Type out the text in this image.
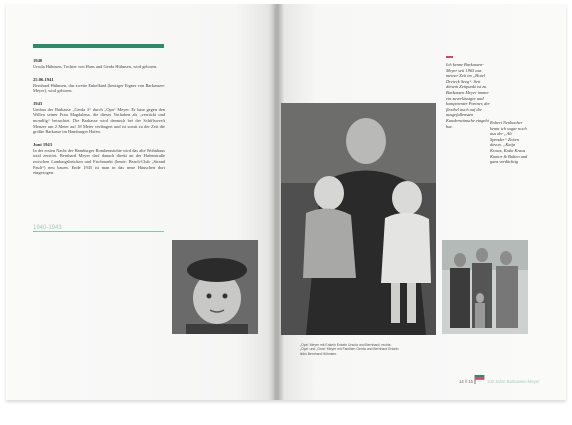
1940
Ursula Hühnsen, Tochter von Hans und Gerda Hühnsen, wird geboren.
25.06.1941
Bernhard Hühnsen, das zweite Enkelkind (heutiger Eigner von Barkassen-Meyer), wird geboren.
1943
Umbau der Barkasse „Gerda 3“ durch „Opa“ Meyer. Er baut gegen den Willen seiner Frau Magdalena, die dieses Vorhaben als „verrückt und mondfig“ betrachtet. Die Barkasse wird dennoch bei der Schiffswerft Menzer um 2 Meter auf 18 Meter verlängert und ist somit zu der Zeit die größte Barkasse im Hamburger Hafen.
Juni 1943
In der ersten Nacht der Hamburger Bombennächte wird das alte Wohnhaus total zerstört. Bernhard Meyer darf danach direkt an der Hafenstraße zwischen Landungsbrücken und Fischmarkt (heute: Beach-Club „Strand Pauli“) neu bauen. Ende 1945 ist man in das neue Häuschen dort eingezogen.
1940-1943
Ich kenne Barkassen-Meyer seit 1965 aus meiner Zeit im „Hotel Dreieck Seeg“. Seit diesem Zeitpunkt ist zu Barkassen Meyer immer ein zuverlässiger und kompetenter Partner, der flexibel auch auf die ausgefallensten Kundenwünsche eingeht hat.
Robert Neubacher kennt ich sogar noch aus der „Alt Spender“ Zeiten davon. „Katja Krawz, Katla Kraus Kontor & Balten und ganz verdächtig
„Opa“ Meyer mit Enkeln Enkeln Ursula und Bernhard; rechts: „Opa“ und „Oma“ Meyer mit Familien Gerda und Bernhard Enkeln links Bernhard Hühnsen.
14 // 15	100 Jahre Barkassen-Meyer
